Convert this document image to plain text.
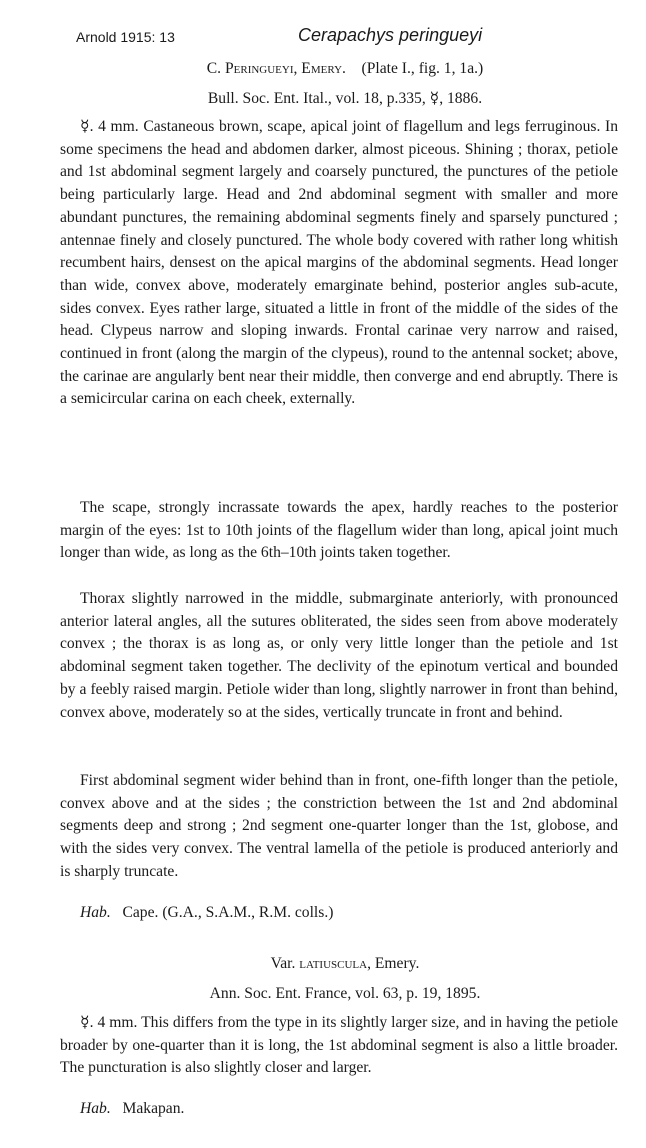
Arnold 1915: 13	Cerapachys peringueyi
C. Peringueyi, Emery. (Plate I., fig. 1, 1a.)
Bull. Soc. Ent. Ital., vol. 18, p.335, ☿, 1886.

☿. 4 mm. Castaneous brown, scape, apical joint of flagellum and legs ferruginous. In some specimens the head and abdomen darker, almost piceous. Shining ; thorax, petiole and 1st abdominal segment largely and coarsely punctured, the punctures of the petiole being particularly large. Head and 2nd abdominal segment with smaller and more abundant punctures, the remaining abdominal segments finely and sparsely punctured ; antennae finely and closely punctured. The whole body covered with rather long whitish recumbent hairs, densest on the apical margins of the abdominal segments. Head longer than wide, convex above, moderately emarginate behind, posterior angles sub-acute, sides convex. Eyes rather large, situated a little in front of the middle of the sides of the head. Clypeus narrow and sloping inwards. Frontal carinae very narrow and raised, continued in front (along the margin of the clypeus), round to the antennal socket; above, the carinae are angularly bent near their middle, then converge and end abruptly. There is a semicircular carina on each cheek, externally.

The scape, strongly incrassate towards the apex, hardly reaches to the posterior margin of the eyes: 1st to 10th joints of the flagellum wider than long, apical joint much longer than wide, as long as the 6th–10th joints taken together.

Thorax slightly narrowed in the middle, submarginate anteriorly, with pronounced anterior lateral angles, all the sutures obliterated, the sides seen from above moderately convex ; the thorax is as long as, or only very little longer than the petiole and 1st abdominal segment taken together. The declivity of the epinotum vertical and bounded by a feebly raised margin. Petiole wider than long, slightly narrower in front than behind, convex above, moderately so at the sides, vertically truncate in front and behind.

First abdominal segment wider behind than in front, one-fifth longer than the petiole, convex above and at the sides ; the constriction between the 1st and 2nd abdominal segments deep and strong ; 2nd segment one-quarter longer than the 1st, globose, and with the sides very convex. The ventral lamella of the petiole is produced anteriorly and is sharply truncate.

Hab. Cape. (G.A., S.A.M., R.M. colls.)
Var. latiuscula, Emery.
Ann. Soc. Ent. France, vol. 63, p. 19, 1895.

☿. 4 mm. This differs from the type in its slightly larger size, and in having the petiole broader by one-quarter than it is long, the 1st abdominal segment is also a little broader. The puncturation is also slightly closer and larger.

Hab. Makapan.
